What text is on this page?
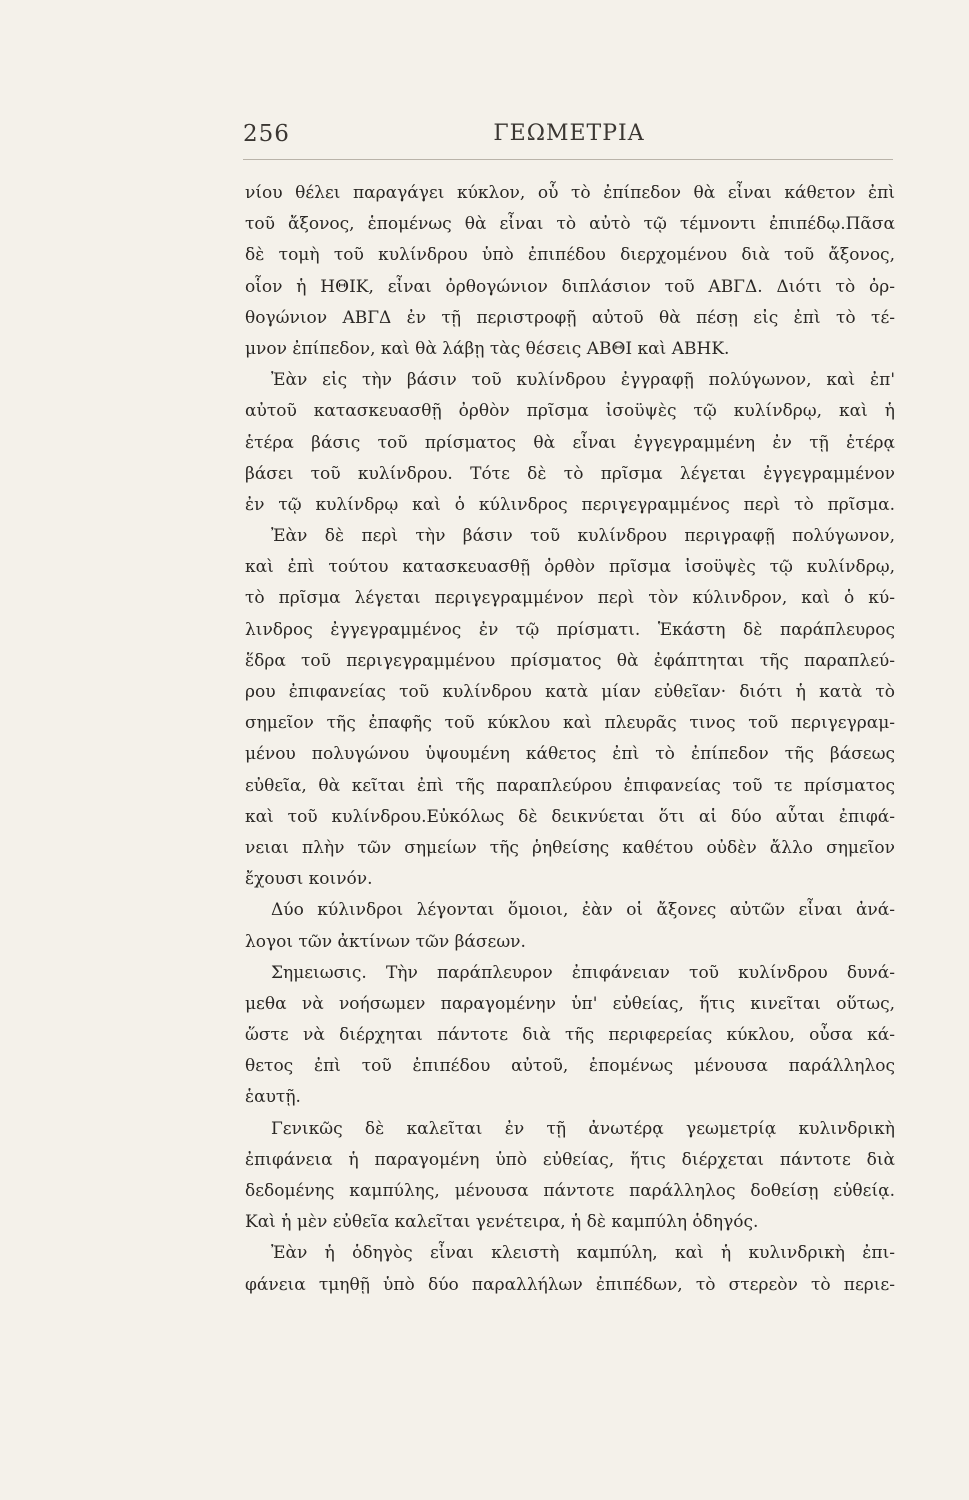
256	ΓΕΩΜΕΤΡΙΑ
νίου θέλει παραγάγει κύκλον, οὗ τὸ ἐπίπεδον θὰ εἶναι κάθετον ἐπὶ
τοῦ ἄξονος, ἑπομένως θὰ εἶναι τὸ αὐτὸ τῷ τέμνοντι ἐπιπέδῳ.Πᾶσα
δὲ τομὴ τοῦ κυλίνδρου ὑπὸ ἐπιπέδου διερχομένου διὰ τοῦ ἄξονος,
οἷον ἡ ΗΘΙΚ, εἶναι ὀρθογώνιον διπλάσιον τοῦ ΑΒΓΔ. Διότι τὸ ὀρ-
θογώνιον ΑΒΓΔ ἐν τῇ περιστροφῇ αὐτοῦ θὰ πέσῃ εἰς ἐπὶ τὸ τέ-
μνον ἐπίπεδον, καὶ θὰ λάβῃ τὰς θέσεις ΑΒΘΙ καὶ ΑΒΗΚ.
Ἐὰν εἰς τὴν βάσιν τοῦ κυλίνδρου ἐγγραφῇ πολύγωνον, καὶ ἐπ'
αὐτοῦ κατασκευασθῇ ὀρθὸν πρῖσμα ἰσοϋψὲς τῷ κυλίνδρῳ, καὶ ἡ
ἑτέρα βάσις τοῦ πρίσματος θὰ εἶναι ἐγγεγραμμένη ἐν τῇ ἑτέρᾳ
βάσει τοῦ κυλίνδρου. Τότε δὲ τὸ πρῖσμα λέγεται ἐγγεγραμμένον
ἐν τῷ κυλίνδρῳ καὶ ὁ κύλινδρος περιγεγραμμένος περὶ τὸ πρῖσμα.
Ἐὰν δὲ περὶ τὴν βάσιν τοῦ κυλίνδρου περιγραφῇ πολύγωνον,
καὶ ἐπὶ τούτου κατασκευασθῇ ὀρθὸν πρῖσμα ἰσοϋψὲς τῷ κυλίνδρῳ,
τὸ πρῖσμα λέγεται περιγεγραμμένον περὶ τὸν κύλινδρον, καὶ ὁ κύ-
λινδρος ἐγγεγραμμένος ἐν τῷ πρίσματι. Ἑκάστη δὲ παράπλευρος
ἕδρα τοῦ περιγεγραμμένου πρίσματος θὰ ἐφάπτηται τῆς παραπλεύ-
ρου ἐπιφανείας τοῦ κυλίνδρου κατὰ μίαν εὐθεῖαν· διότι ἡ κατὰ τὸ
σημεῖον τῆς ἐπαφῆς τοῦ κύκλου καὶ πλευρᾶς τινος τοῦ περιγεγραμ-
μένου πολυγώνου ὑψουμένη κάθετος ἐπὶ τὸ ἐπίπεδον τῆς βάσεως
εὐθεῖα, θὰ κεῖται ἐπὶ τῆς παραπλεύρου ἐπιφανείας τοῦ τε πρίσματος
καὶ τοῦ κυλίνδρου.Εὐκόλως δὲ δεικνύεται ὅτι αἱ δύο αὗται ἐπιφά-
νειαι πλὴν τῶν σημείων τῆς ῥηθείσης καθέτου οὐδὲν ἄλλο σημεῖον
ἔχουσι κοινόν.
Δύο κύλινδροι λέγονται ὅμοιοι, ἐὰν οἱ ἄξονες αὐτῶν εἶναι ἀνά-
λογοι τῶν ἀκτίνων τῶν βάσεων.
Σημειωσις. Τὴν παράπλευρον ἐπιφάνειαν τοῦ κυλίνδρου δυνά-
μεθα νὰ νοήσωμεν παραγομένην ὑπ' εὐθείας, ἥτις κινεῖται οὕτως,
ὥστε νὰ διέρχηται πάντοτε διὰ τῆς περιφερείας κύκλου, οὖσα κά-
θετος ἐπὶ τοῦ ἐπιπέδου αὐτοῦ, ἑπομένως μένουσα παράλληλος
ἑαυτῇ.
Γενικῶς δὲ καλεῖται ἐν τῇ ἀνωτέρᾳ γεωμετρίᾳ κυλινδρικὴ
ἐπιφάνεια ἡ παραγομένη ὑπὸ εὐθείας, ἥτις διέρχεται πάντοτε διὰ
δεδομένης καμπύλης, μένουσα πάντοτε παράλληλος δοθείσῃ εὐθείᾳ.
Καὶ ἡ μὲν εὐθεῖα καλεῖται γενέτειρα, ἡ δὲ καμπύλη ὁδηγός.
Ἐὰν ἡ ὁδηγὸς εἶναι κλειστὴ καμπύλη, καὶ ἡ κυλινδρικὴ ἐπι-
φάνεια τμηθῇ ὑπὸ δύο παραλλήλων ἐπιπέδων, τὸ στερεὸν τὸ περιε-
